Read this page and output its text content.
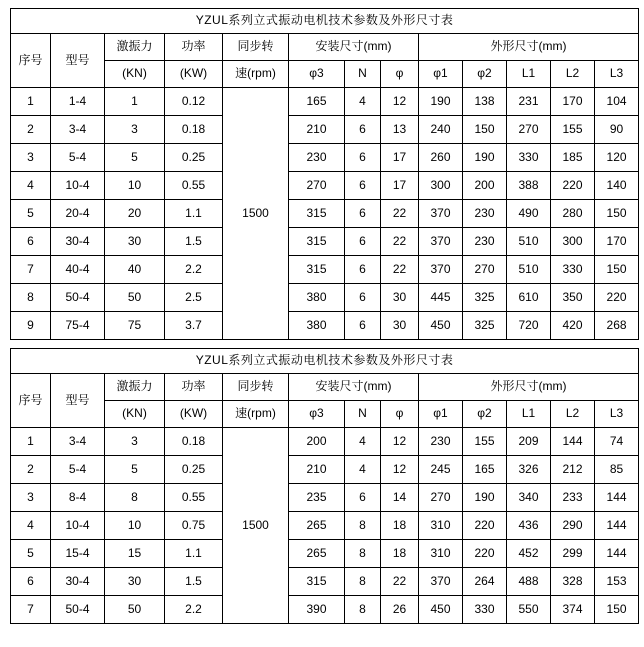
YZUL系列立式振动电机技术参数及外形尺寸表												
序号	型号	激振力	功率	同步转	安装尺寸(mm)			外形尺寸(mm)				
		(KN)	(KW)	速(rpm)	φ3	N	φ	φ1	φ2	L1	L2	L3
1	1-4	1	0.12	1500	165	4	12	190	138	231	170	104
2	3-4	3	0.18		210	6	13	240	150	270	155	90
3	5-4	5	0.25		230	6	17	260	190	330	185	120
4	10-4	10	0.55		270	6	17	300	200	388	220	140
5	20-4	20	1.1		315	6	22	370	230	490	280	150
6	30-4	30	1.5		315	6	22	370	230	510	300	170
7	40-4	40	2.2		315	6	22	370	270	510	330	150
8	50-4	50	2.5		380	6	30	445	325	610	350	220
9	75-4	75	3.7		380	6	30	450	325	720	420	268
YZUL系列立式振动电机技术参数及外形尺寸表												
序号	型号	激振力	功率	同步转	安装尺寸(mm)			外形尺寸(mm)				
		(KN)	(KW)	速(rpm)	φ3	N	φ	φ1	φ2	L1	L2	L3
1	3-4	3	0.18	1500	200	4	12	230	155	209	144	74
2	5-4	5	0.25		210	4	12	245	165	326	212	85
3	8-4	8	0.55		235	6	14	270	190	340	233	144
4	10-4	10	0.75		265	8	18	310	220	436	290	144
5	15-4	15	1.1		265	8	18	310	220	452	299	144
6	30-4	30	1.5		315	8	22	370	264	488	328	153
7	50-4	50	2.2		390	8	26	450	330	550	374	150
